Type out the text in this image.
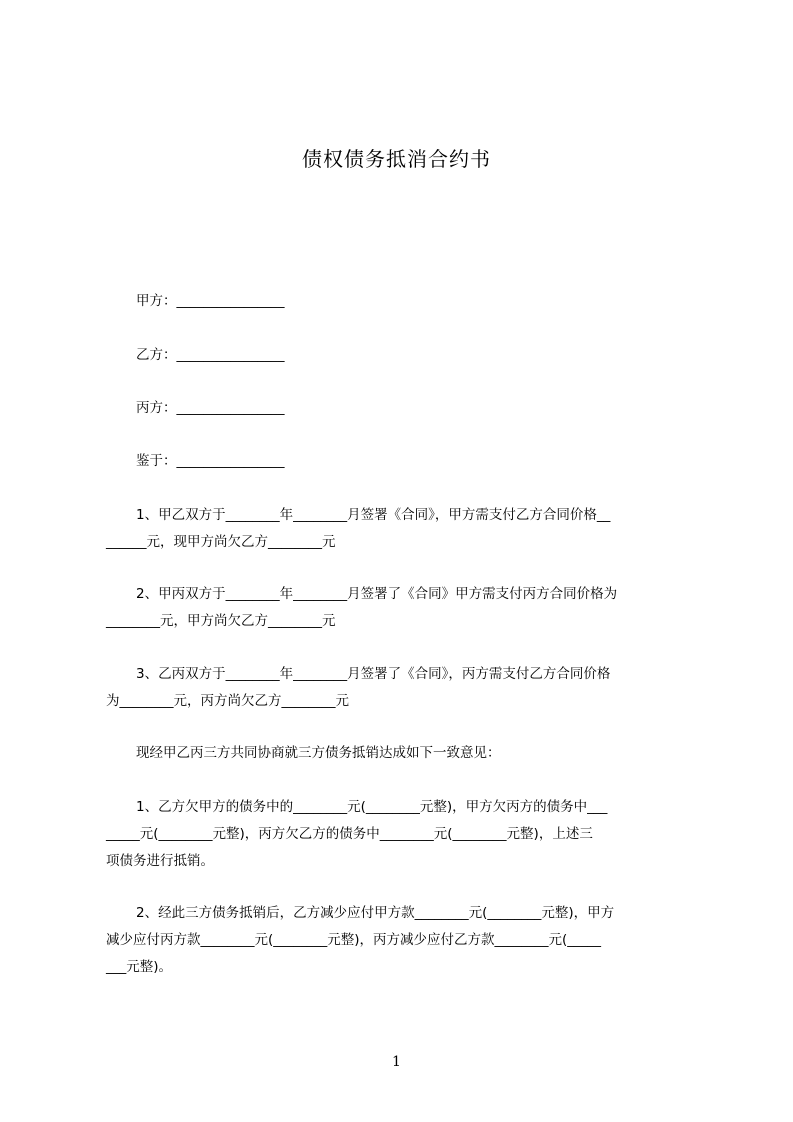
债权债务抵消合约书
甲方：________________
乙方：________________
丙方：________________
鉴于：________________
1、甲乙双方于________年________月签署《合同》，甲方需支付乙方合同价格__
______元，现甲方尚欠乙方________元
2、甲丙双方于________年________月签署了《合同》甲方需支付丙方合同价格为
________元，甲方尚欠乙方________元
3、乙丙双方于________年________月签署了《合同》，丙方需支付乙方合同价格
为________元，丙方尚欠乙方________元
现经甲乙丙三方共同协商就三方债务抵销达成如下一致意见：
1、乙方欠甲方的债务中的________元(________元整)，甲方欠丙方的债务中___
_____元(________元整)，丙方欠乙方的债务中________元(________元整)，上述三
项债务进行抵销。
2、经此三方债务抵销后，乙方减少应付甲方款________元(________元整)，甲方
减少应付丙方款________元(________元整)，丙方减少应付乙方款________元(_____
___元整)。
1
